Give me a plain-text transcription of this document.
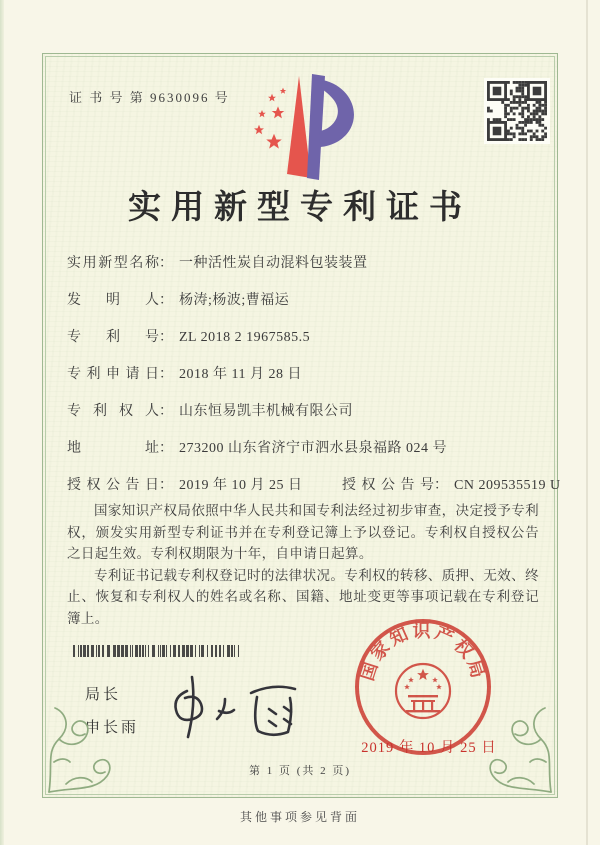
证 书 号 第 9630096 号
实用新型专利证书
实用新型名称： 一种活性炭自动混料包装装置
发明人： 杨涛;杨波;曹福运
专利号： ZL 2018 2 1967585.5
专利申请日： 2018 年 11 月 28 日
专利权人： 山东恒易凯丰机械有限公司
地址： 273200 山东省济宁市泗水县泉福路 024 号
授权公告日： 2019 年 10 月 25 日	授权公告号： CN 209535519 U

国家知识产权局依照中华人民共和国专利法经过初步审查，决定授予专利权，颁发实用新型专利证书并在专利登记簿上予以登记。专利权自授权公告之日起生效。专利权期限为十年，自申请日起算。

专利证书记载专利权登记时的法律状况。专利权的转移、质押、无效、终止、恢复和专利权人的姓名或名称、国籍、地址变更等事项记载在专利登记簿上。

局长
申长雨
国家知识产权局
2019 年 10 月 25 日
第 1 页 (共 2 页)
其他事项参见背面
